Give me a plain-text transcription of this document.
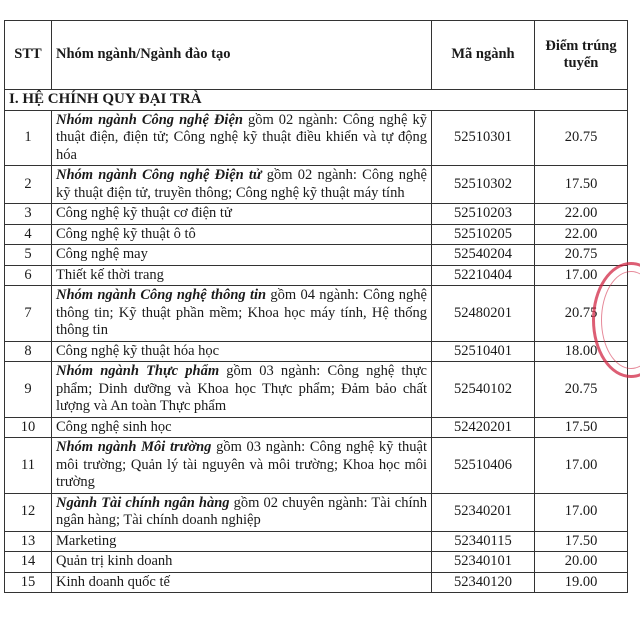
STT	Nhóm ngành/Ngành đào tạo	Mã ngành	Điểm trúng tuyển
I. HỆ CHÍNH QUY ĐẠI TRÀ			
1	Nhóm ngành Công nghệ Điện gồm 02 ngành: Công nghệ kỹ thuật điện, điện tử; Công nghệ kỹ thuật điều khiển và tự động hóa	52510301	20.75
2	Nhóm ngành Công nghệ Điện tử gồm 02 ngành: Công nghệ kỹ thuật điện tử, truyền thông; Công nghệ kỹ thuật máy tính	52510302	17.50
3	Công nghệ kỹ thuật cơ điện tử	52510203	22.00
4	Công nghệ kỹ thuật ô tô	52510205	22.00
5	Công nghệ may	52540204	20.75
6	Thiết kế thời trang	52210404	17.00
7	Nhóm ngành Công nghệ thông tin gồm 04 ngành: Công nghệ thông tin; Kỹ thuật phần mềm; Khoa học máy tính, Hệ thống thông tin	52480201	20.75
8	Công nghệ kỹ thuật hóa học	52510401	18.00
9	Nhóm ngành Thực phẩm gồm 03 ngành: Công nghệ thực phẩm; Dinh dưỡng và Khoa học Thực phẩm; Đảm bảo chất lượng và An toàn Thực phẩm	52540102	20.75
10	Công nghệ sinh học	52420201	17.50
11	Nhóm ngành Môi trường gồm 03 ngành: Công nghệ kỹ thuật môi trường; Quản lý tài nguyên và môi trường; Khoa học môi trường	52510406	17.00
12	Ngành Tài chính ngân hàng gồm 02 chuyên ngành: Tài chính ngân hàng; Tài chính doanh nghiệp	52340201	17.00
13	Marketing	52340115	17.50
14	Quản trị kinh doanh	52340101	20.00
15	Kinh doanh quốc tế	52340120	19.00
